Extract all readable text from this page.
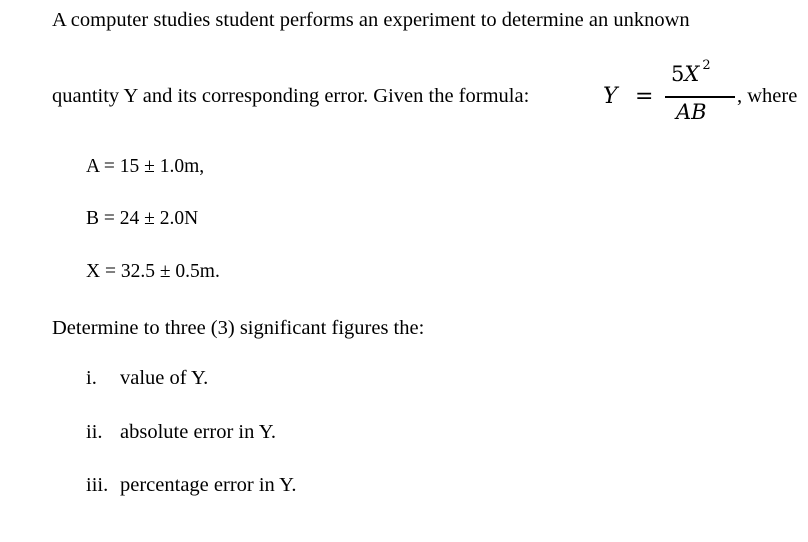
A computer studies student performs an experiment to determine an unknown
quantity Y and its corresponding error. Given the formula:	Y =
5X $^2$
AB
, where
A = 15 ± 1.0m,
B = 24 ± 2.0N
X = 32.5 ± 0.5m.
Determine to three (3) significant figures the:
i. value of Y.
ii. absolute error in Y.
iii. percentage error in Y.
